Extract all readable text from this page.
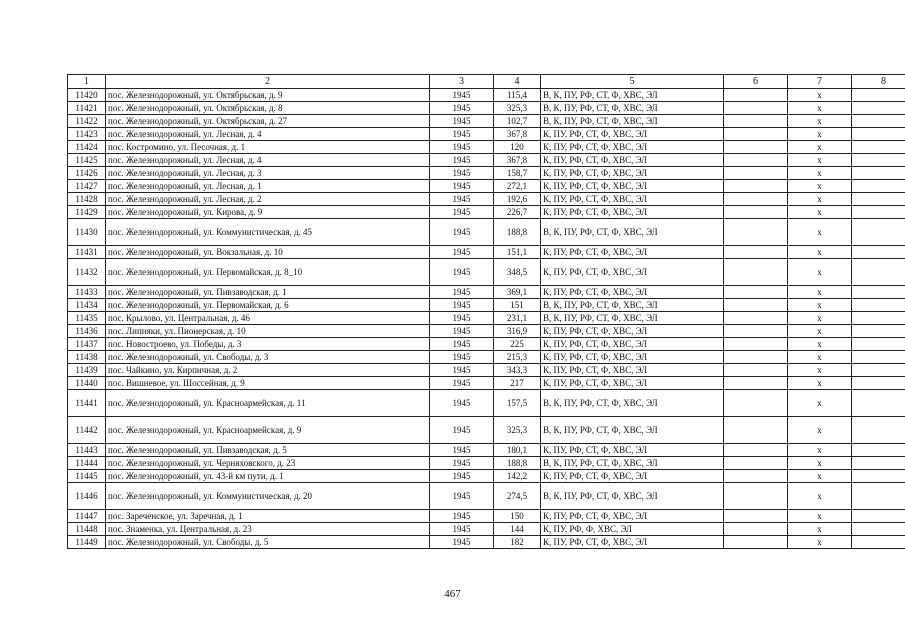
1	2	3	4	5	6	7	8
11420	пос. Железнодорожный, ул. Октябрьская, д. 9	1945	115,4	В, К, ПУ, РФ, СТ, Ф, ХВС, ЭЛ		x	
11421	пос. Железнодорожный, ул. Октябрьская, д. 8	1945	325,3	В, К, ПУ, РФ, СТ, Ф, ХВС, ЭЛ		x	
11422	пос. Железнодорожный, ул. Октябрьская, д. 27	1945	102,7	В, К, ПУ, РФ, СТ, Ф, ХВС, ЭЛ		x	
11423	пос. Железнодорожный, ул. Лесная, д. 4	1945	367,8	К, ПУ, РФ, СТ, Ф, ХВС, ЭЛ		x	
11424	пос. Костромино, ул. Песочная, д. 1	1945	120	К, ПУ, РФ, СТ, Ф, ХВС, ЭЛ		x	
11425	пос. Железнодорожный, ул. Лесная, д. 4	1945	367,8	К, ПУ, РФ, СТ, Ф, ХВС, ЭЛ		x	
11426	пос. Железнодорожный, ул. Лесная, д. 3	1945	158,7	К, ПУ, РФ, СТ, Ф, ХВС, ЭЛ		x	
11427	пос. Железнодорожный, ул. Лесная, д. 1	1945	272,1	К, ПУ, РФ, СТ, Ф, ХВС, ЭЛ		x	
11428	пос. Железнодорожный, ул. Лесная, д. 2	1945	192,6	К, ПУ, РФ, СТ, Ф, ХВС, ЭЛ		x	
11429	пос. Железнодорожный, ул. Кирова, д. 9	1945	226,7	К, ПУ, РФ, СТ, Ф, ХВС, ЭЛ		x	
11430	пос. Железнодорожный, ул. Коммунистическая, д. 45	1945	188,8	В, К, ПУ, РФ, СТ, Ф, ХВС, ЭЛ		x	
11431	пос. Железнодорожный, ул. Вокзальная, д. 10	1945	151,1	К, ПУ, РФ, СТ, Ф, ХВС, ЭЛ		x	
11432	пос. Железнодорожный, ул. Первомайская, д. 8_10	1945	348,5	К, ПУ, РФ, СТ, Ф, ХВС, ЭЛ		x	
11433	пос. Железнодорожный, ул. Пивзаводская, д. 1	1945	369,1	К, ПУ, РФ, СТ, Ф, ХВС, ЭЛ		x	
11434	пос. Железнодорожный, ул. Первомайская, д. 6	1945	151	В, К, ПУ, РФ, СТ, Ф, ХВС, ЭЛ		x	
11435	пос. Крылово, ул. Центральная, д. 46	1945	231,1	В, К, ПУ, РФ, СТ, Ф, ХВС, ЭЛ		x	
11436	пос. Липняки, ул. Пионерская, д. 10	1945	316,9	К, ПУ, РФ, СТ, Ф, ХВС, ЭЛ		x	
11437	пос. Новостроево, ул. Победы, д. 3	1945	225	К, ПУ, РФ, СТ, Ф, ХВС, ЭЛ		x	
11438	пос. Железнодорожный, ул. Свободы, д. 3	1945	215,3	К, ПУ, РФ, СТ, Ф, ХВС, ЭЛ		x	
11439	пос. Чайкино, ул. Кирпичная, д. 2	1945	343,3	К, ПУ, РФ, СТ, Ф, ХВС, ЭЛ		x	
11440	пос. Вишневое, ул. Шоссейная, д. 9	1945	217	К, ПУ, РФ, СТ, Ф, ХВС, ЭЛ		x	
11441	пос. Железнодорожный, ул. Красноармейская, д. 11	1945	157,5	В, К, ПУ, РФ, СТ, Ф, ХВС, ЭЛ		x	
11442	пос. Железнодорожный, ул. Красноармейская, д. 9	1945	325,3	В, К, ПУ, РФ, СТ, Ф, ХВС, ЭЛ		x	
11443	пос. Железнодорожный, ул. Пивзаводская, д. 5	1945	180,1	К, ПУ, РФ, СТ, Ф, ХВС, ЭЛ		x	
11444	пос. Железнодорожный, ул. Черняховского, д. 23	1945	188,8	В, К, ПУ, РФ, СТ, Ф, ХВС, ЭЛ		x	
11445	пос. Железнодорожный, ул. 43-й км пути, д. 1	1945	142,2	К, ПУ, РФ, СТ, Ф, ХВС, ЭЛ		x	
11446	пос. Железнодорожный, ул. Коммунистическая, д. 20	1945	274,5	В, К, ПУ, РФ, СТ, Ф, ХВС, ЭЛ		x	
11447	пос. Зареченское, ул. Заречная, д. 1	1945	150	К, ПУ, РФ, СТ, Ф, ХВС, ЭЛ		x	
11448	пос. Знаменка, ул. Центральная, д. 23	1945	144	К, ПУ, РФ, Ф, ХВС, ЭЛ		x	
11449	пос. Железнодорожный, ул. Свободы, д. 5	1945	182	К, ПУ, РФ, СТ, Ф, ХВС, ЭЛ		x	
467
